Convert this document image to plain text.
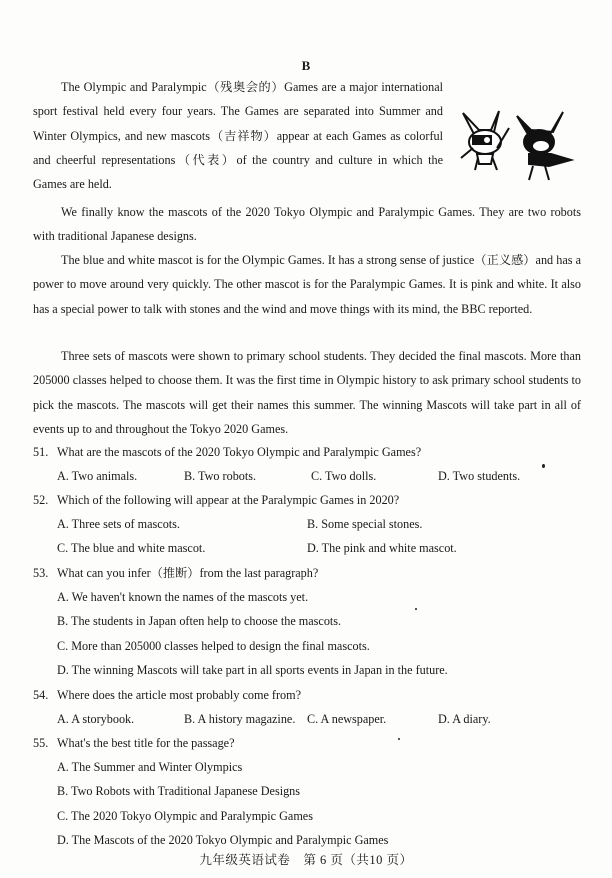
B
The Olympic and Paralympic（残奥会的）Games are a major international sport festival held every four years. The Games are separated into Summer and Winter Olympics, and new mascots（吉祥物）appear at each Games as colorful and cheerful representations（代表）of the country and culture in which the Games are held.
We finally know the mascots of the 2020 Tokyo Olympic and Paralympic Games. They are two robots with traditional Japanese designs.
The blue and white mascot is for the Olympic Games. It has a strong sense of justice（正义感）and has a power to move around very quickly. The other mascot is for the Paralympic Games. It is pink and white. It also has a special power to talk with stones and the wind and move things with its mind, the BBC reported.
Three sets of mascots were shown to primary school students. They decided the final mascots. More than 205000 classes helped to choose them. It was the first time in Olympic history to ask primary school students to pick the mascots. The mascots will get their names this summer. The winning Mascots will take part in all of events up to and throughout the Tokyo 2020 Games.
51. What are the mascots of the 2020 Tokyo Olympic and Paralympic Games?
A. Two animals.	B. Two robots.	C. Two dolls.	D. Two students.
52. Which of the following will appear at the Paralympic Games in 2020?
A. Three sets of mascots.	B. Some special stones.
C. The blue and white mascot.	D. The pink and white mascot.
53. What can you infer（推断）from the last paragraph?
A. We haven't known the names of the mascots yet.
B. The students in Japan often help to choose the mascots.
C. More than 205000 classes helped to design the final mascots.
D. The winning Mascots will take part in all sports events in Japan in the future.
54. Where does the article most probably come from?
A. A storybook.	B. A history magazine. C. A newspaper.	D. A diary.
55. What's the best title for the passage?
A. The Summer and Winter Olympics
B. Two Robots with Traditional Japanese Designs
C. The 2020 Tokyo Olympic and Paralympic Games
D. The Mascots of the 2020 Tokyo Olympic and Paralympic Games
九年级英语试卷　第 6 页（共10 页）
